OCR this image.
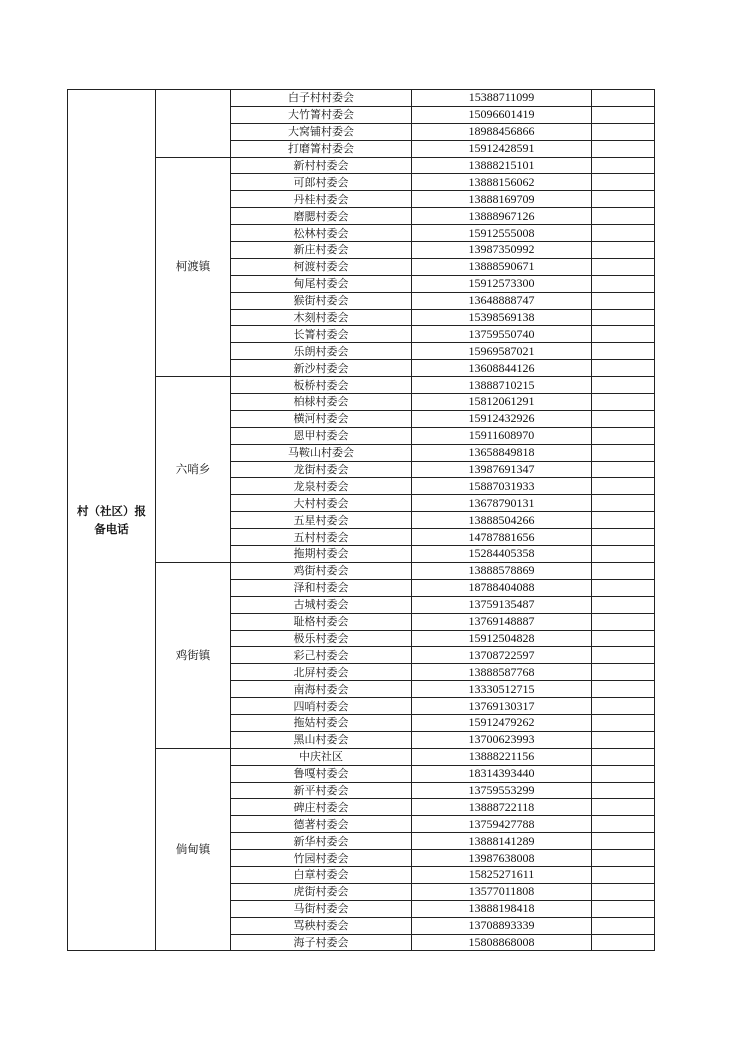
村（社区）报备电话		白子村村委会	15388711099	
		大竹箐村委会	15096601419	
		大窝铺村委会	18988456866	
		打磨箐村委会	15912428591	
	柯渡镇	新村村委会	13888215101	
		可郎村委会	13888156062	
		丹桂村委会	13888169709	
		磨腮村委会	13888967126	
		松林村委会	15912555008	
		新庄村委会	13987350992	
		柯渡村委会	13888590671	
		甸尾村委会	15912573300	
		猴街村委会	13648888747	
		木刻村委会	15398569138	
		长箐村委会	13759550740	
		乐朗村委会	15969587021	
		新沙村委会	13608844126	
	六哨乡	板桥村委会	13888710215	
		柏梂村委会	15812061291	
		横河村委会	15912432926	
		恩甲村委会	15911608970	
		马鞍山村委会	13658849818	
		龙街村委会	13987691347	
		龙泉村委会	15887031933	
		大村村委会	13678790131	
		五星村委会	13888504266	
		五村村委会	14787881656	
		拖期村委会	15284405358	
	鸡街镇	鸡街村委会	13888578869	
		泽和村委会	18788404088	
		古城村委会	13759135487	
		耻格村委会	13769148887	
		极乐村委会	15912504828	
		彩己村委会	13708722597	
		北屏村委会	13888587768	
		南海村委会	13330512715	
		四哨村委会	13769130317	
		拖姑村委会	15912479262	
		黑山村委会	13700623993	
	倘甸镇	中庆社区	13888221156	
		鲁嘎村委会	18314393440	
		新平村委会	13759553299	
		碑庄村委会	13888722118	
		德著村委会	13759427788	
		新华村委会	13888141289	
		竹园村委会	13987638008	
		白章村委会	15825271611	
		虎街村委会	13577011808	
		马街村委会	13888198418	
		骂秧村委会	13708893339	
		海子村委会	15808868008	
